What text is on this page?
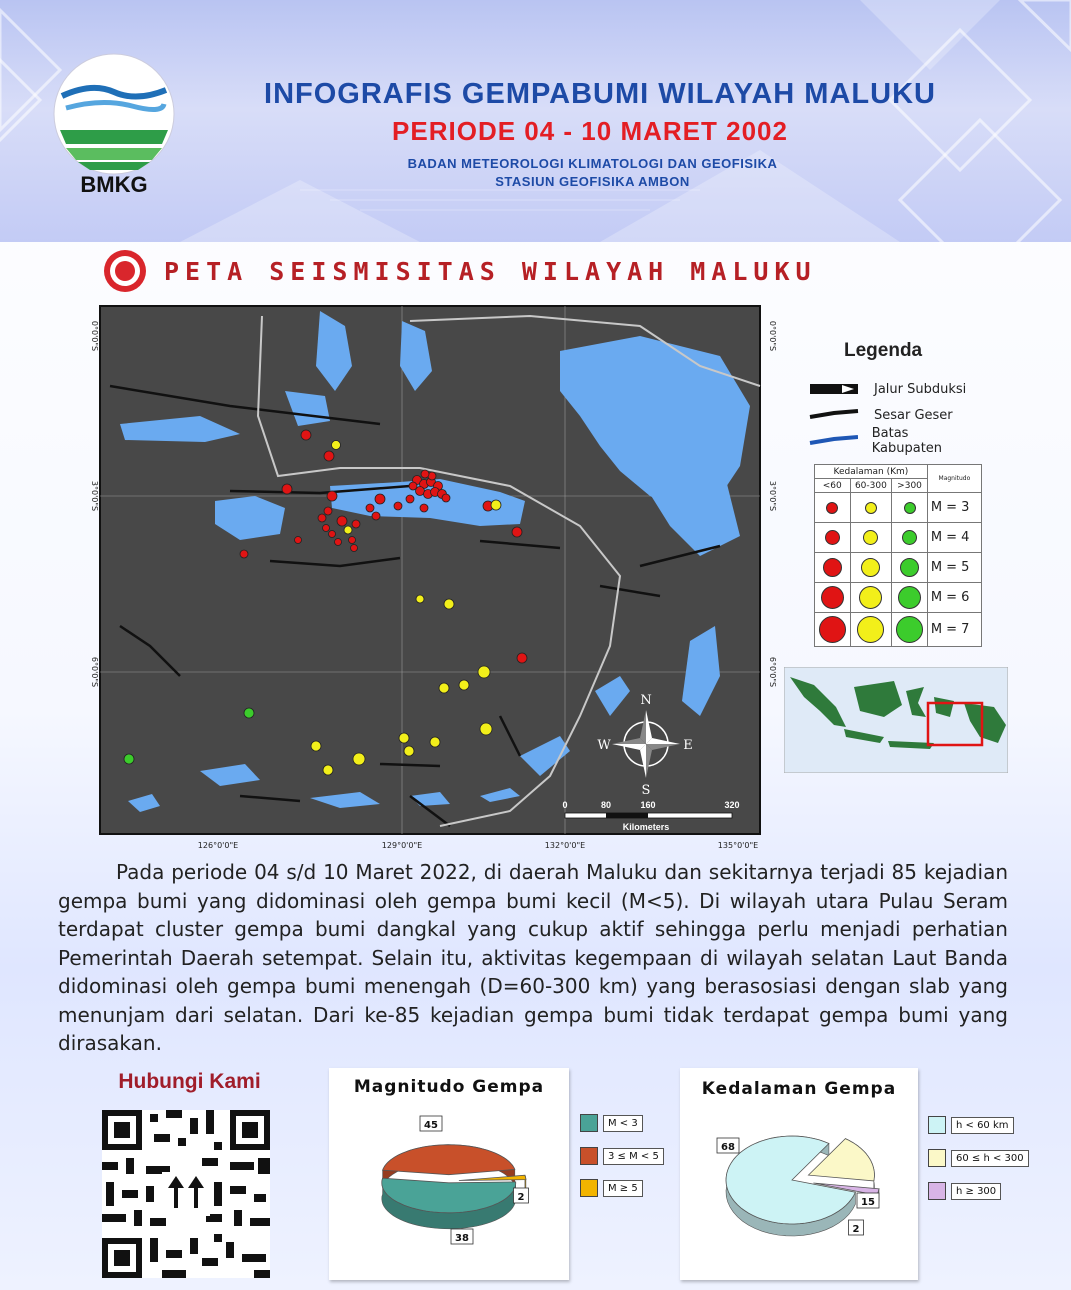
BMKG
INFOGRAFIS GEMPABUMI WILAYAH MALUKU
PERIODE 04 - 10 MARET 2002
BADAN METEOROLOGI KLIMATOLOGI DAN GEOFISIKA
STASIUN GEOFISIKA AMBON
PETA SEISMISITAS WILAYAH MALUKU
N
S
E
W
0	80	160	320
Kilometers
0°0'0"S
3°0'0"S
6°0'0"S
0°0'0"S
3°0'0"S
6°0'0"S
126°0'0"E	129°0'0"E	132°0'0"E	135°0'0"E
Legenda
Jalur Subduksi
Sesar Geser
Batas Kabupaten
Kedalaman (Km)			Magnitudo
<60	60-300	>300	
			M = 3
			M = 4
			M = 5
			M = 6
			M = 7
Pada periode 04 s/d 10 Maret 2022, di daerah Maluku dan sekitarnya terjadi 85 kejadian gempa bumi yang didominasi oleh gempa bumi kecil (M<5). Di wilayah utara Pulau Seram terdapat cluster gempa bumi dangkal yang cukup aktif sehingga perlu menjadi perhatian Pemerintah Daerah setempat. Selain itu, aktivitas kegempaan di wilayah selatan Laut Banda didominasi oleh gempa bumi menengah (D=60-300 km) yang berasosiasi dengan slab yang menunjam dari selatan. Dari ke-85 kejadian gempa bumi tidak terdapat gempa bumi yang dirasakan.
Hubungi Kami	Magnitudo Gempa
45
38
2
M < 3
3 ≤ M < 5
M ≥ 5
Kedalaman Gempa
68
15
2
h < 60 km
60 ≤ h < 300
h ≥ 300
